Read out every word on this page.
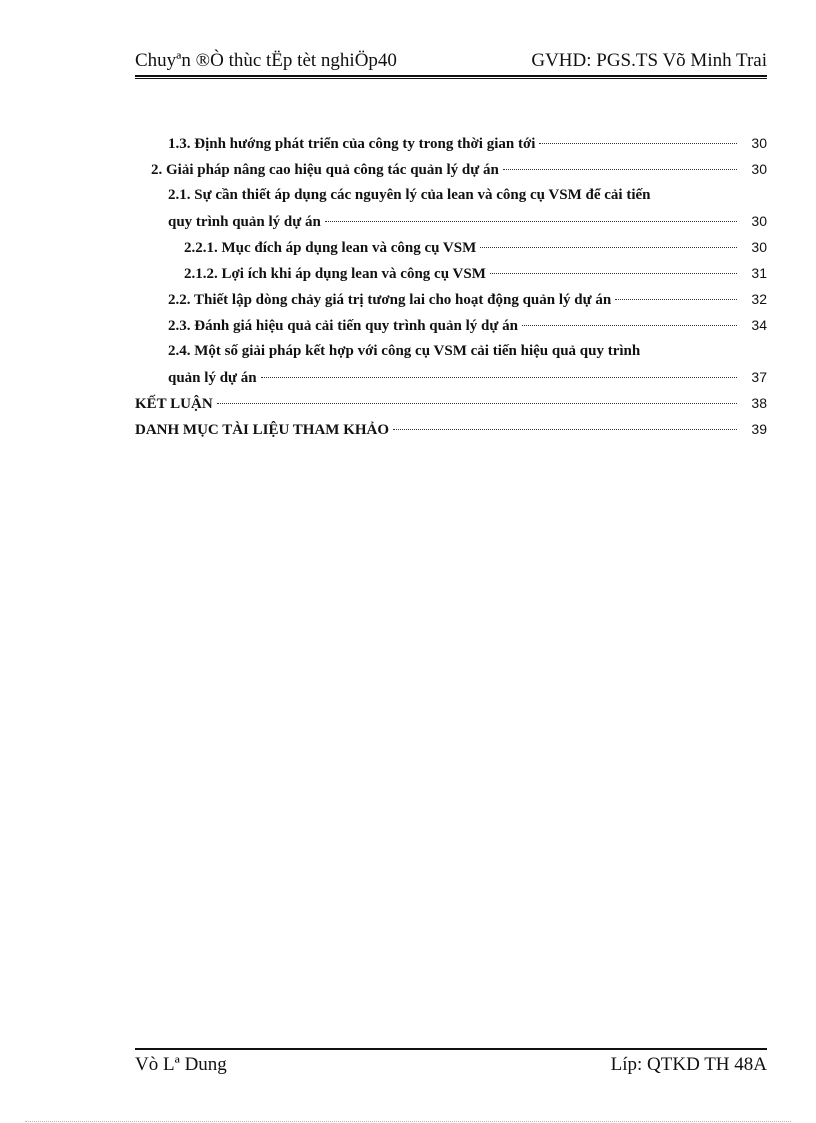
Chuyªn ®Ò thùc tËp tèt nghiÖp40	GVHD: PGS.TS Võ Minh Trai
1.3. Định hướng phát triển của công ty trong thời gian tới	30
2. Giải pháp nâng cao hiệu quả công tác quản lý dự án	30
2.1. Sự cần thiết áp dụng các nguyên lý của lean và công cụ VSM để cải tiến
quy trình quản lý dự án	30
2.2.1. Mục đích áp dụng lean và công cụ VSM	30
2.1.2. Lợi ích khi áp dụng lean và công cụ VSM	31
2.2. Thiết lập dòng chảy giá trị tương lai cho hoạt động quản lý dự án	32
2.3. Đánh giá hiệu quả cải tiến quy trình quản lý dự án	34
2.4. Một số giải pháp kết hợp với công cụ VSM cải tiến hiệu quả quy trình
quản lý dự án	37
KẾT LUẬN	38
DANH MỤC TÀI LIỆU THAM KHẢO	39
Vò Lª Dung	Líp: QTKD TH 48A
